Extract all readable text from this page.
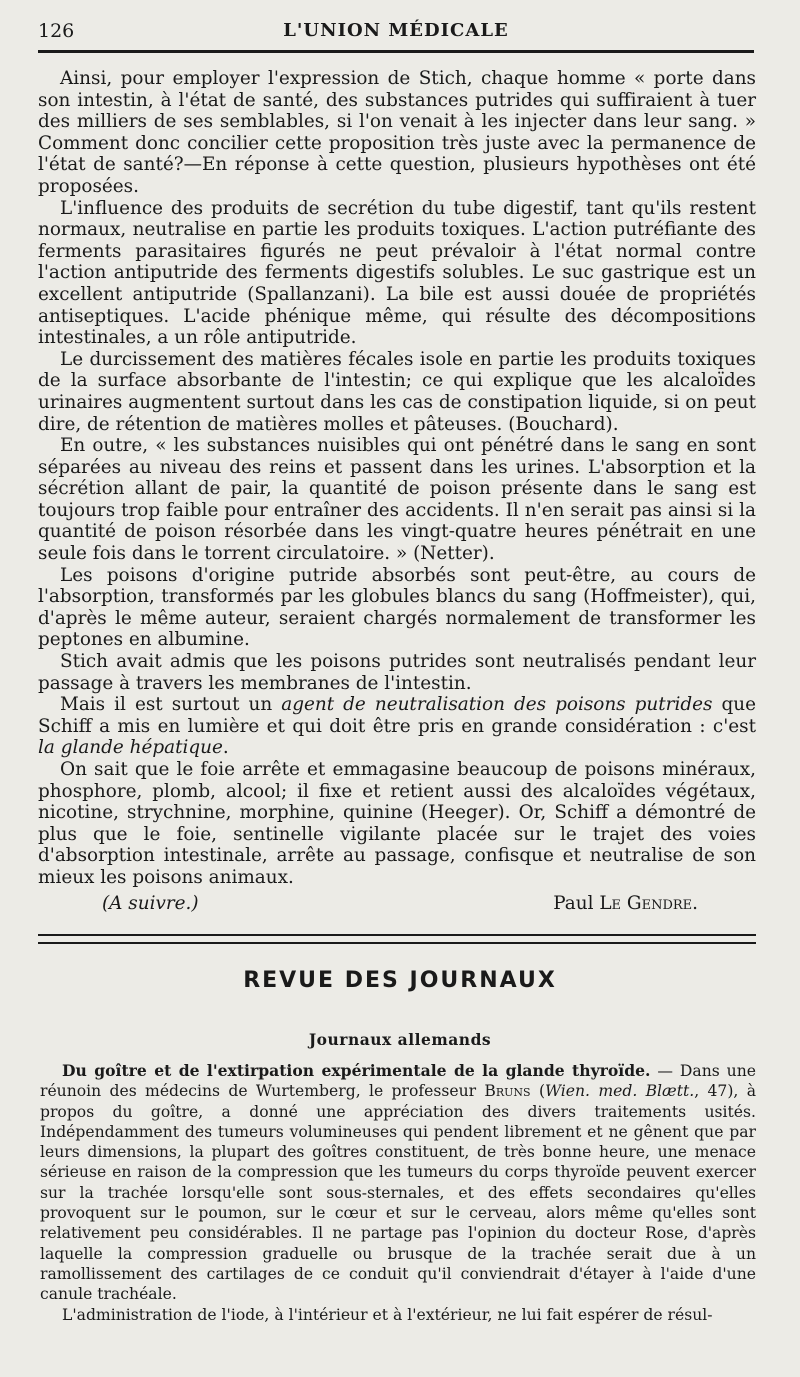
126	L'UNION MÉDICALE

Ainsi, pour employer l'expression de Stich, chaque homme « porte dans son intestin, à l'état de santé, des substances putrides qui suffiraient à tuer des milliers de ses semblables, si l'on venait à les injecter dans leur sang. » Comment donc concilier cette proposition très juste avec la permanence de l'état de santé?—En réponse à cette question, plusieurs hypothèses ont été proposées.

L'influence des produits de secrétion du tube digestif, tant qu'ils restent normaux, neutralise en partie les produits toxiques. L'action putréfiante des ferments parasitaires figurés ne peut prévaloir à l'état normal contre l'action antiputride des ferments digestifs solubles. Le suc gastrique est un excellent antiputride (Spallanzani). La bile est aussi douée de propriétés antiseptiques. L'acide phénique même, qui résulte des décompositions intestinales, a un rôle antiputride.

Le durcissement des matières fécales isole en partie les produits toxiques de la surface absorbante de l'intestin; ce qui explique que les alcaloïdes urinaires augmentent surtout dans les cas de constipation liquide, si on peut dire, de rétention de matières molles et pâteuses. (Bouchard).

En outre, « les substances nuisibles qui ont pénétré dans le sang en sont séparées au niveau des reins et passent dans les urines. L'absorption et la sécrétion allant de pair, la quantité de poison présente dans le sang est toujours trop faible pour entraîner des accidents. Il n'en serait pas ainsi si la quantité de poison résorbée dans les vingt-quatre heures pénétrait en une seule fois dans le torrent circulatoire. » (Netter).

Les poisons d'origine putride absorbés sont peut-être, au cours de l'absorption, transformés par les globules blancs du sang (Hoffmeister), qui, d'après le même auteur, seraient chargés normalement de transformer les peptones en albumine.

Stich avait admis que les poisons putrides sont neutralisés pendant leur passage à travers les membranes de l'intestin.

Mais il est surtout un agent de neutralisation des poisons putrides que Schiff a mis en lumière et qui doit être pris en grande considération : c'est la glande hépatique.

On sait que le foie arrête et emmagasine beaucoup de poisons minéraux, phosphore, plomb, alcool; il fixe et retient aussi des alcaloïdes végétaux, nicotine, strychnine, morphine, quinine (Heeger). Or, Schiff a démontré de plus que le foie, sentinelle vigilante placée sur le trajet des voies d'absorption intestinale, arrête au passage, confisque et neutralise de son mieux les poisons animaux.

(A suivre.)	Paul Le Gendre.
REVUE DES JOURNAUX
Journaux allemands

Du goître et de l'extirpation expérimentale de la glande thyroïde. — Dans une réunoin des médecins de Wurtemberg, le professeur Bruns (Wien. med. Blætt., 47), à propos du goître, a donné une appréciation des divers traitements usités. Indépendamment des tumeurs volumineuses qui pendent librement et ne gênent que par leurs dimensions, la plupart des goîtres constituent, de très bonne heure, une menace sérieuse en raison de la compression que les tumeurs du corps thyroïde peuvent exercer sur la trachée lorsqu'elle sont sous-sternales, et des effets secondaires qu'elles provoquent sur le poumon, sur le cœur et sur le cerveau, alors même qu'elles sont relativement peu considérables. Il ne partage pas l'opinion du docteur Rose, d'après laquelle la compression graduelle ou brusque de la trachée serait due à un ramollissement des cartilages de ce conduit qu'il conviendrait d'étayer à l'aide d'une canule trachéale.

L'administration de l'iode, à l'intérieur et à l'extérieur, ne lui fait espérer de résul-
